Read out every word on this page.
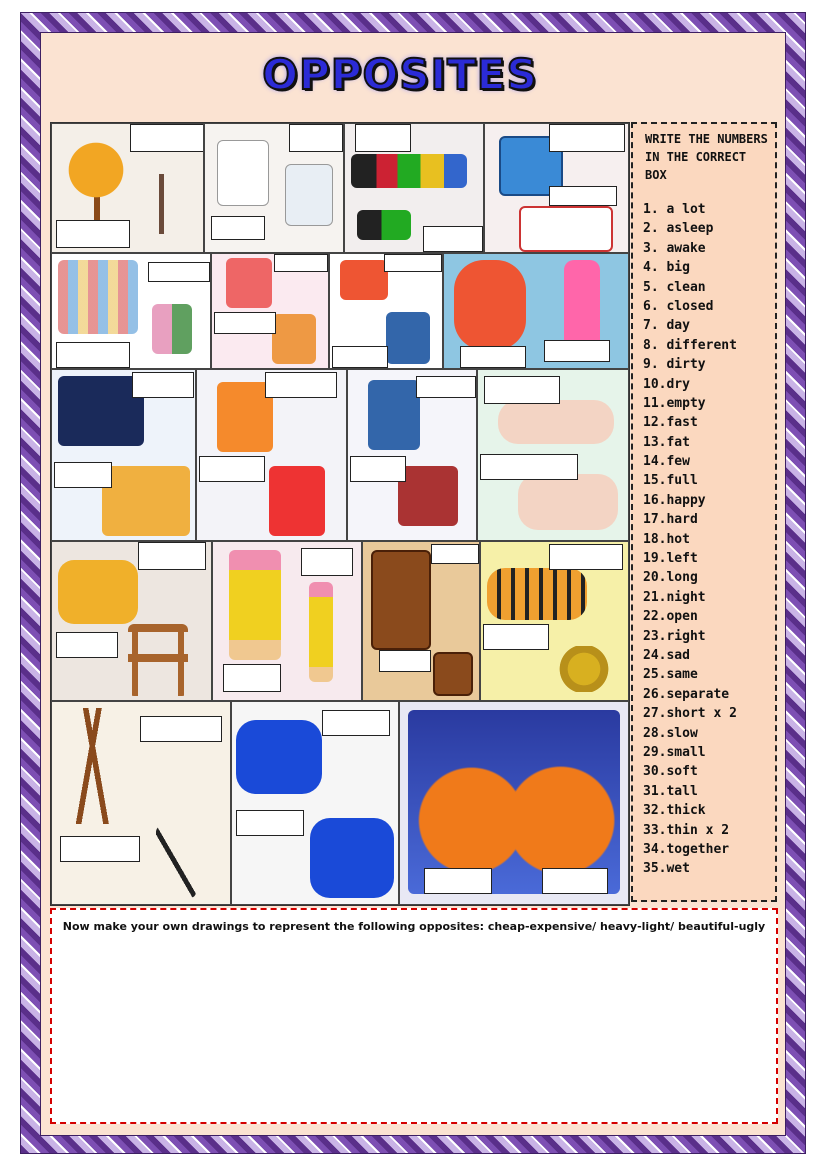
OPPOSITES
WRITE THE NUMBERS IN THE CORRECT BOX
1. a lot
2. asleep
3. awake
4. big
5. clean
6. closed
7. day
8. different
9. dirty
10.dry
11.empty
12.fast
13.fat
14.few
15.full
16.happy
17.hard
18.hot
19.left
20.long
21.night
22.open
23.right
24.sad
25.same
26.separate
27.short x 2
28.slow
29.small
30.soft
31.tall
32.thick
33.thin x 2
34.together
35.wet
Now make your own drawings to represent the following opposites: cheap-expensive/ heavy-light/ beautiful-ugly
